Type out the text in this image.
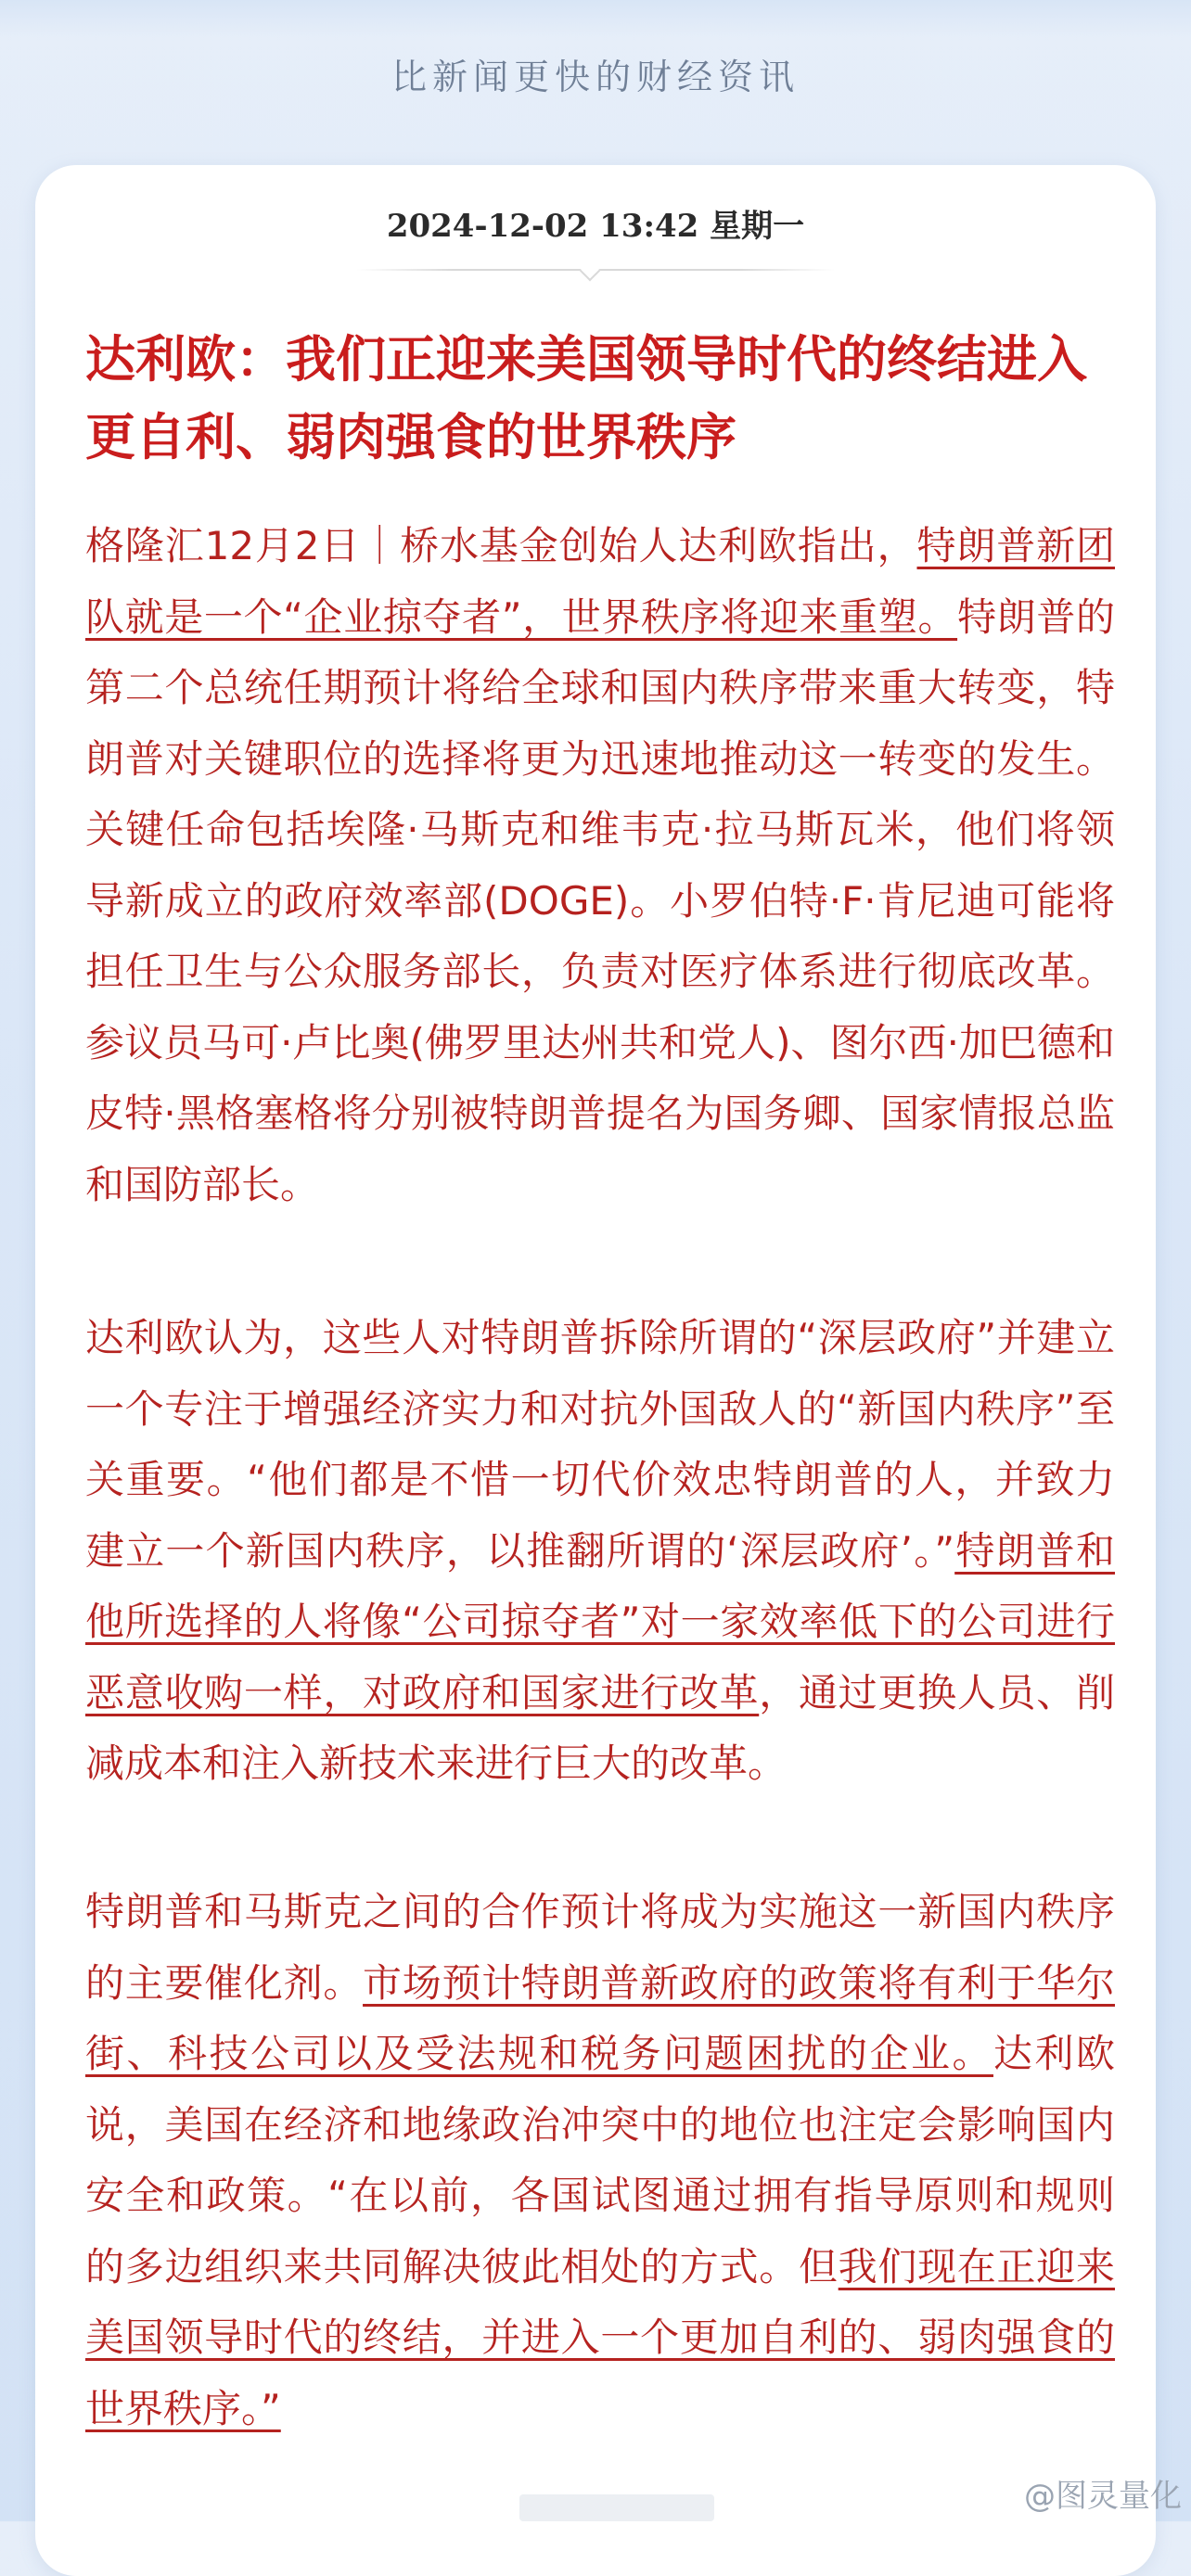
比新闻更快的财经资讯
2024-12-02 13:42 星期一
达利欧：我们正迎来美国领导时代的终结进入更自利、弱肉强食的世界秩序

格隆汇12月2日｜桥水基金创始人达利欧指出，特朗普新团队就是一个“企业掠夺者”，世界秩序将迎来重塑。特朗普的第二个总统任期预计将给全球和国内秩序带来重大转变，特朗普对关键职位的选择将更为迅速地推动这一转变的发生。关键任命包括埃隆·马斯克和维韦克·拉马斯瓦米，他们将领导新成立的政府效率部(DOGE)。小罗伯特·F·肯尼迪可能将担任卫生与公众服务部长，负责对医疗体系进行彻底改革。参议员马可·卢比奥(佛罗里达州共和党人)、图尔西·加巴德和皮特·黑格塞格将分别被特朗普提名为国务卿、国家情报总监和国防部长。

达利欧认为，这些人对特朗普拆除所谓的“深层政府”并建立一个专注于增强经济实力和对抗外国敌人的“新国内秩序”至关重要。“他们都是不惜一切代价效忠特朗普的人，并致力建立一个新国内秩序，以推翻所谓的‘深层政府’。”特朗普和他所选择的人将像“公司掠夺者”对一家效率低下的公司进行恶意收购一样，对政府和国家进行改革，通过更换人员、削减成本和注入新技术来进行巨大的改革。

特朗普和马斯克之间的合作预计将成为实施这一新国内秩序的主要催化剂。市场预计特朗普新政府的政策将有利于华尔街、科技公司以及受法规和税务问题困扰的企业。达利欧说，美国在经济和地缘政治冲突中的地位也注定会影响国内安全和政策。“在以前，各国试图通过拥有指导原则和规则的多边组织来共同解决彼此相处的方式。但我们现在正迎来美国领导时代的终结，并进入一个更加自利的、弱肉强食的世界秩序。”

@图灵量化
